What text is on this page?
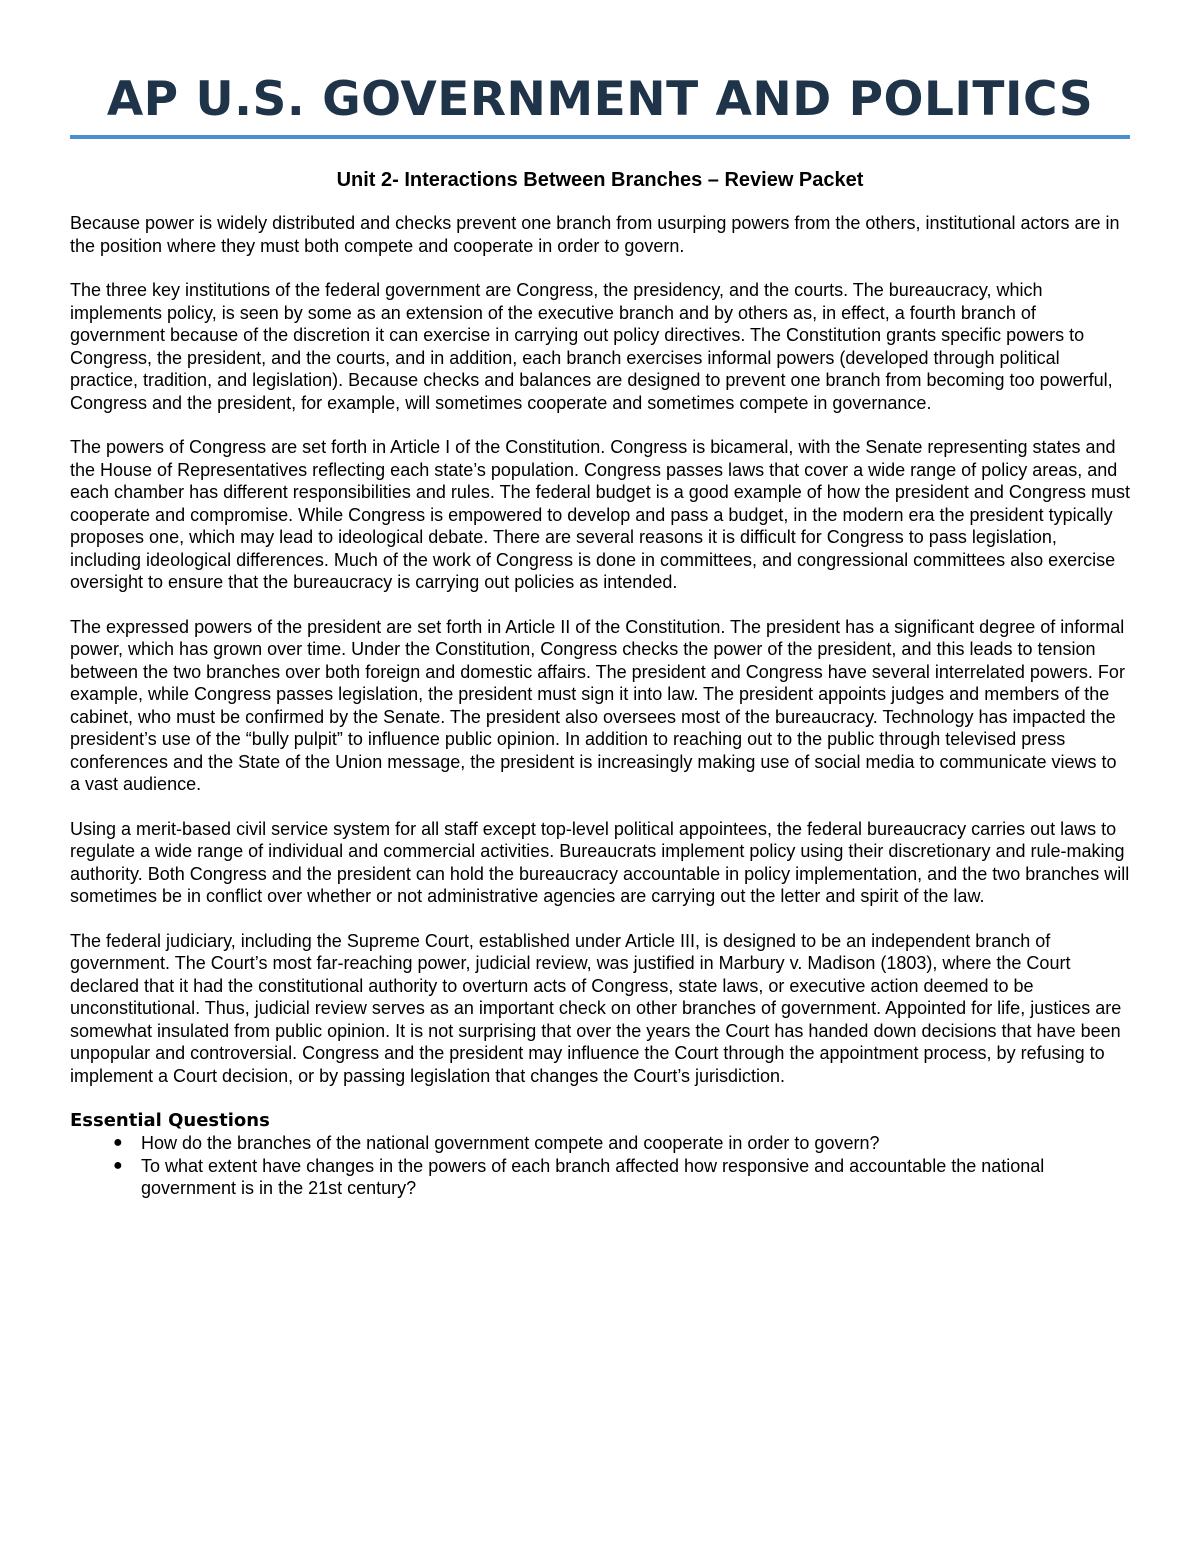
AP U.S. GOVERNMENT AND POLITICS
Unit 2- Interactions Between Branches – Review Packet

Because power is widely distributed and checks prevent one branch from usurping powers from the others, institutional actors are in the position where they must both compete and cooperate in order to govern.

The three key institutions of the federal government are Congress, the presidency, and the courts. The bureaucracy, which implements policy, is seen by some as an extension of the executive branch and by others as, in effect, a fourth branch of government because of the discretion it can exercise in carrying out policy directives. The Constitution grants specific powers to Congress, the president, and the courts, and in addition, each branch exercises informal powers (developed through political practice, tradition, and legislation). Because checks and balances are designed to prevent one branch from becoming too powerful, Congress and the president, for example, will sometimes cooperate and sometimes compete in governance.

The powers of Congress are set forth in Article I of the Constitution. Congress is bicameral, with the Senate representing states and the House of Representatives reflecting each state’s population. Congress passes laws that cover a wide range of policy areas, and each chamber has different responsibilities and rules. The federal budget is a good example of how the president and Congress must cooperate and compromise. While Congress is empowered to develop and pass a budget, in the modern era the president typically proposes one, which may lead to ideological debate. There are several reasons it is difficult for Congress to pass legislation, including ideological differences. Much of the work of Congress is done in committees, and congressional committees also exercise oversight to ensure that the bureaucracy is carrying out policies as intended.

The expressed powers of the president are set forth in Article II of the Constitution. The president has a significant degree of informal power, which has grown over time. Under the Constitution, Congress checks the power of the president, and this leads to tension between the two branches over both foreign and domestic affairs. The president and Congress have several interrelated powers. For example, while Congress passes legislation, the president must sign it into law. The president appoints judges and members of the cabinet, who must be confirmed by the Senate. The president also oversees most of the bureaucracy. Technology has impacted the president’s use of the “bully pulpit” to influence public opinion. In addition to reaching out to the public through televised press conferences and the State of the Union message, the president is increasingly making use of social media to communicate views to a vast audience.

Using a merit-based civil service system for all staff except top-level political appointees, the federal bureaucracy carries out laws to regulate a wide range of individual and commercial activities. Bureaucrats implement policy using their discretionary and rule-making authority. Both Congress and the president can hold the bureaucracy accountable in policy implementation, and the two branches will sometimes be in conflict over whether or not administrative agencies are carrying out the letter and spirit of the law.

The federal judiciary, including the Supreme Court, established under Article III, is designed to be an independent branch of government. The Court’s most far-reaching power, judicial review, was justified in Marbury v. Madison (1803), where the Court declared that it had the constitutional authority to overturn acts of Congress, state laws, or executive action deemed to be unconstitutional. Thus, judicial review serves as an important check on other branches of government. Appointed for life, justices are somewhat insulated from public opinion. It is not surprising that over the years the Court has handed down decisions that have been unpopular and controversial. Congress and the president may influence the Court through the appointment process, by refusing to implement a Court decision, or by passing legislation that changes the Court’s jurisdiction.

Essential Questions
● How do the branches of the national government compete and cooperate in order to govern?
● To what extent have changes in the powers of each branch affected how responsive and accountable the national government is in the 21st century?
